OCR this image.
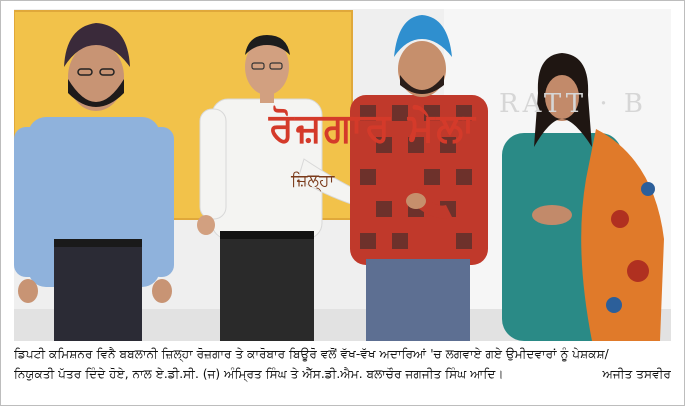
ਰੋਜ਼ਗਾਰ ਮੇਲਾ
ਜ਼ਿਲ੍ਹਾ
RATT · B
ਡਿਪਟੀ ਕਮਿਸ਼ਨਰ ਵਿਨੈ ਬਬਲਾਨੀ ਜ਼ਿਲ੍ਹਾ ਰੋਜ਼ਗਾਰ ਤੇ ਕਾਰੋਬਾਰ ਬਿਊਰੋ ਵਲੋਂ ਵੱਖ-ਵੱਖ ਅਦਾਰਿਆਂ 'ਚ ਲਗਵਾਏ ਗਏ ਉਮੀਦਵਾਰਾਂ ਨੂੰ ਪੇਸ਼ਕਸ਼/
ਨਿਯੁਕਤੀ ਪੱਤਰ ਦਿੰਦੇ ਹੋਏ, ਨਾਲ ਏ.ਡੀ.ਸੀ. (ਜ) ਅੰਮ੍ਰਿਤ ਸਿੰਘ ਤੇ ਐੱਸ.ਡੀ.ਐਮ. ਬਲਾਚੌਰ ਜਗਜੀਤ ਸਿੰਘ ਆਦਿ।	ਅਜੀਤ ਤਸਵੀਰ
